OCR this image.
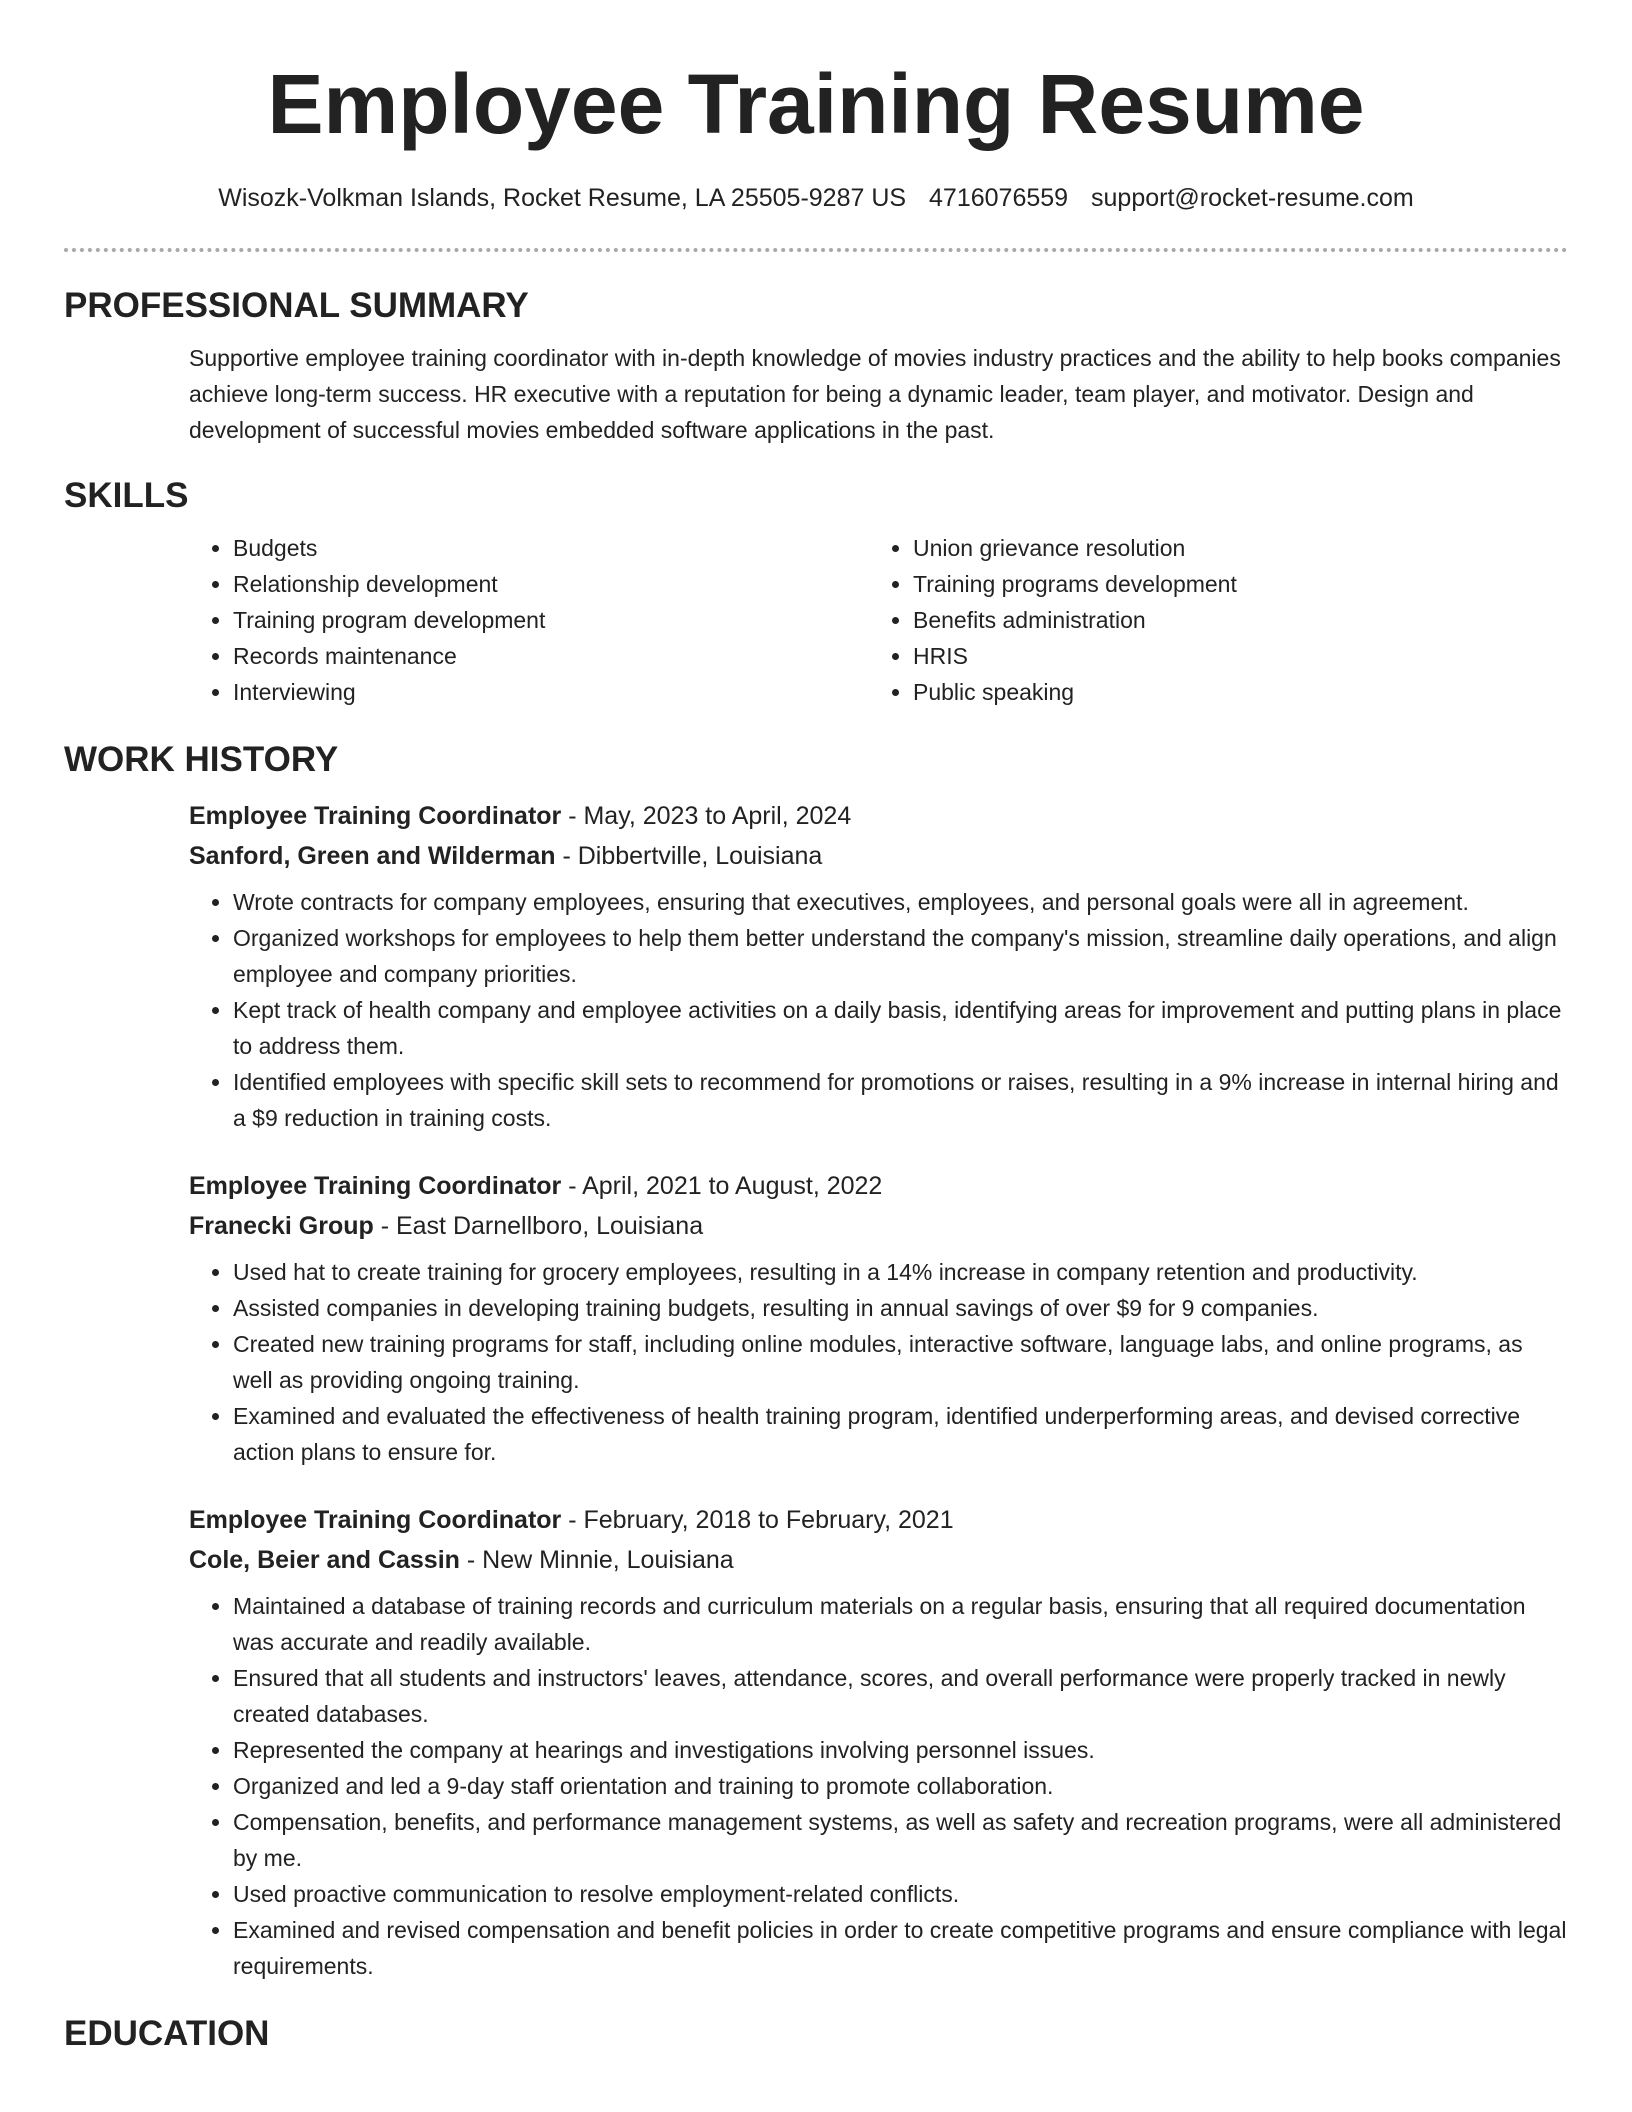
Employee Training Resume
Wisozk-Volkman Islands, Rocket Resume, LA 25505-9287 US 4716076559 support@rocket-resume.com
PROFESSIONAL SUMMARY

Supportive employee training coordinator with in-depth knowledge of movies industry practices and the ability to help books companies achieve long-term success. HR executive with a reputation for being a dynamic leader, team player, and motivator. Design and development of successful movies embedded software applications in the past.

SKILLS
• Budgets
• Relationship development
• Training program development
• Records maintenance
• Interviewing
• Union grievance resolution
• Training programs development
• Benefits administration
• HRIS
• Public speaking
WORK HISTORY
Employee Training Coordinator - May, 2023 to April, 2024
Sanford, Green and Wilderman - Dibbertville, Louisiana
• Wrote contracts for company employees, ensuring that executives, employees, and personal goals were all in agreement.
• Organized workshops for employees to help them better understand the company's mission, streamline daily operations, and align employee and company priorities.
• Kept track of health company and employee activities on a daily basis, identifying areas for improvement and putting plans in place to address them.
• Identified employees with specific skill sets to recommend for promotions or raises, resulting in a 9% increase in internal hiring and a $9 reduction in training costs.
Employee Training Coordinator - April, 2021 to August, 2022
Franecki Group - East Darnellboro, Louisiana
• Used hat to create training for grocery employees, resulting in a 14% increase in company retention and productivity.
• Assisted companies in developing training budgets, resulting in annual savings of over $9 for 9 companies.
• Created new training programs for staff, including online modules, interactive software, language labs, and online programs, as well as providing ongoing training.
• Examined and evaluated the effectiveness of health training program, identified underperforming areas, and devised corrective action plans to ensure for.
Employee Training Coordinator - February, 2018 to February, 2021
Cole, Beier and Cassin - New Minnie, Louisiana
• Maintained a database of training records and curriculum materials on a regular basis, ensuring that all required documentation was accurate and readily available.
• Ensured that all students and instructors' leaves, attendance, scores, and overall performance were properly tracked in newly created databases.
• Represented the company at hearings and investigations involving personnel issues.
• Organized and led a 9-day staff orientation and training to promote collaboration.
• Compensation, benefits, and performance management systems, as well as safety and recreation programs, were all administered by me.
• Used proactive communication to resolve employment-related conflicts.
• Examined and revised compensation and benefit policies in order to create competitive programs and ensure compliance with legal requirements.
EDUCATION
